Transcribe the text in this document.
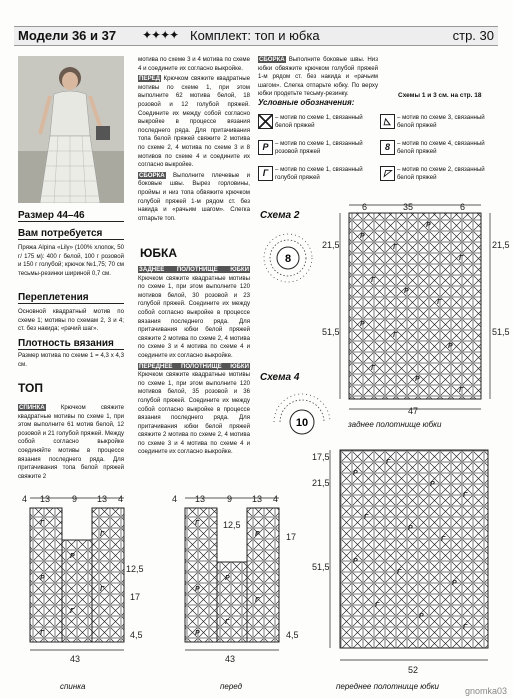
Модели 36 и 37 ✦✦✦✦ Комплект: топ и юбка	стр. 30
Размер 44–46
Вам потребуется

Пряжа Alpina «Lily» (100% хлопок, 50 г/ 175 м): 400 г белой, 100 г розовой и 150 г голубой; крючок №1,75; 70 см тесьмы-резинки шириной 0,7 см.

Переплетения

Основной квадратный мотив по схеме 1; мотивы по схемам 2, 3 и 4; ст. без накида; «рачий шаг».

Плотность вязания

Размер мотива по схеме 1 = 4,3 х 4,3 см.

ТОП

СПИНКА	Крючком свяжите квадратные мотивы по схеме 1, при этом выполните 61 мотив белой, 12 розовой и 21 голубой пряжей. Между собой согласно выкройке соединяйте мотивы в процессе вязания последнего ряда. Для притачивания топа белой пряжей свяжите 2

мотива по схеме 3 и 4 мотива по схеме 4 и соедините их согласно выкройке.

ПЕРЕД Крючком свяжите квадратные мотивы по схеме 1, при этом выполните 62 мотива белой, 18 розовой и 12 голубой пряжей. Соедините их между собой согласно выкройке в процессе вязания последнего ряда. Для притачивания топа белой пряжей свяжите 2 мотива по схеме 2, 4 мотива по схеме 3 и 8 мотивов по схеме 4 и соедините их согласно выкройке.

СБОРКА Выполните плечевые и боковые швы. Вырез горловины, проймы и низ топа обвяжите крючком голубой пряжей 1-м рядом ст. без накида и «рачьим шагом». Слегка отпарьте топ.

ЮБКА

ЗАДНЕЕ ПОЛОТНИЩЕ ЮБКИ Крючком свяжите квадратные мотивы по схеме 1, при этом выполните 120 мотивов белой, 30 розовой и 23 голубой пряжей. Соедините их между собой согласно выкройке в процессе вязания последнего ряда. Для притачивания юбки белой пряжей свяжите 2 мотива по схеме 2, 4 мотива по схеме 3 и 4 мотива по схеме 4 и соедините их согласно выкройке.

ПЕРЕДНЕЕ ПОЛОТНИЩЕ ЮБКИ Крючком свяжите квадратные мотивы по схеме 1, при этом выполните 120 мотивов белой, 35 розовой и 36 голубой пряжей. Соедините их между собой согласно выкройке в процессе вязания последнего ряда. Для притачивания юбки белой пряжей свяжите 2 мотива по схеме 2, 4 мотива по схеме 3 и 4 мотива по схеме 4 и соедините их согласно выкройке.

СБОРКА Выполните боковые швы. Низ юбки обвяжите крючком голубой пряжей 1-м рядом ст. без накида и «рачьим шагом». Слегка отпарьте юбку. По верху юбки продетьте тесьму-резинку.

Условные обозначения:
Схемы 1 и 3 см. на стр. 18
– мотив по схеме 1, связанный белой пряжей
Р	– мотив по схеме 1, связанный розовой пряжей
Г	– мотив по схеме 1, связанный голубой пряжей
◺ – мотив по схеме 3, связанный белой пряжей
8	– мотив по схеме 4, связанный белой пряжей
◸ – мотив по схеме 2, связанный белой пряжей
Схема 2
Схема 4
8
10
Р
Г
Р
Г
Г
Р
Г
Р
Г
Р
Г
Р
Г
6	35	6
21,5
51,5
21,5
51,5
47
Р
Г
Р
Г
Г
Р
Г
Р
Г
Р
Г
Р
Г
17,5
21,5
51,5
52
Г
Г
Р
Р
Г
Г
Г
4 13 9 13 4
12,5
17
4,5
43
Г
Р
Р
Р
Г
Г
Р
4 13 9 13 4
12,5
17
4,5
43
заднее полотнище юбки
переднее полотнище юбки
спинка	перед	gnomka03
